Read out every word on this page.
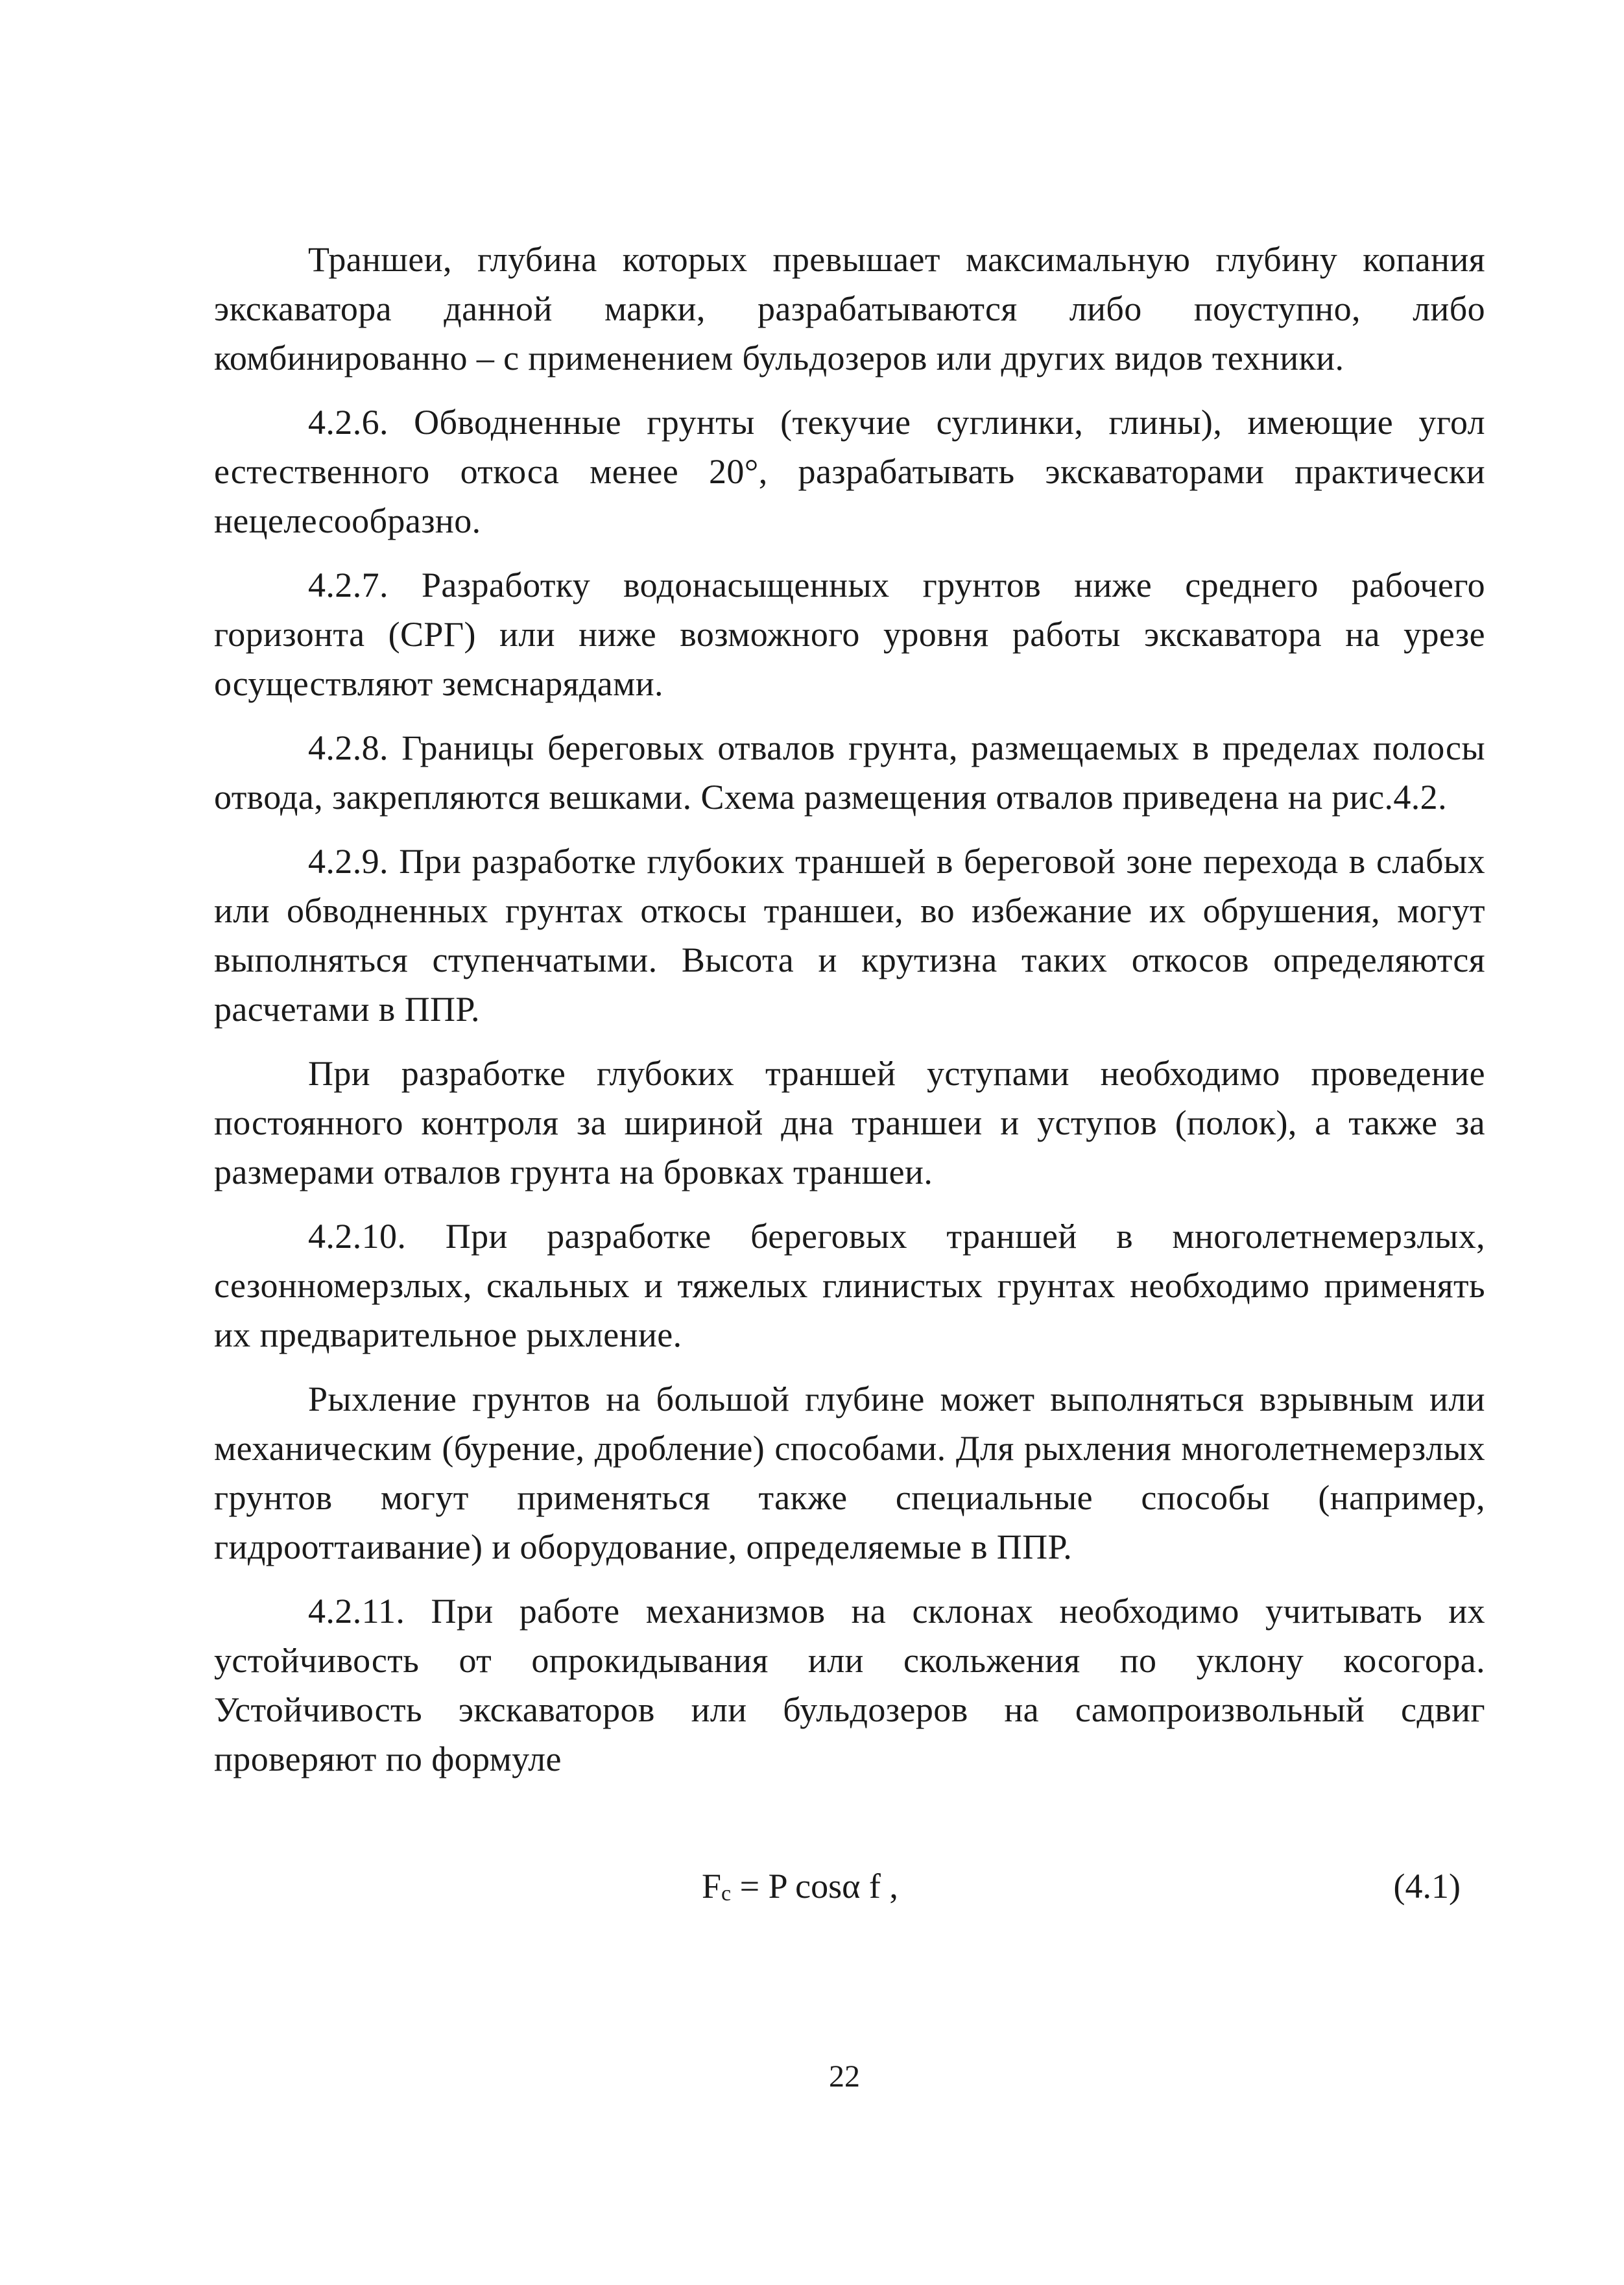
Траншеи, глубина которых превышает максимальную глубину копания экскаватора данной марки, разрабатываются либо поуступно, либо комбинированно – с применением бульдозеров или других видов техники.

4.2.6. Обводненные грунты (текучие суглинки, глины), имеющие угол естественного откоса менее 20°, разрабатывать экскаваторами практически нецелесообразно.

4.2.7. Разработку водонасыщенных грунтов ниже среднего рабочего горизонта (СРГ) или ниже возможного уровня работы экскаватора на урезе осуществляют земснарядами.

4.2.8. Границы береговых отвалов грунта, размещаемых в пределах полосы отвода, закрепляются вешками. Схема размещения отвалов приведена на рис.4.2.

4.2.9. При разработке глубоких траншей в береговой зоне перехода в слабых или обводненных грунтах откосы траншеи, во избежание их обрушения, могут выполняться ступенчатыми. Высота и крутизна таких откосов определяются расчетами в ППР.

При разработке глубоких траншей уступами необходимо проведение постоянного контроля за шириной дна траншеи и уступов (полок), а также за размерами отвалов грунта на бровках траншеи.

4.2.10. При разработке береговых траншей в многолетнемерзлых, сезонномерзлых, скальных и тяжелых глинистых грунтах необходимо применять их предварительное рыхление.

Рыхление грунтов на большой глубине может выполняться взрывным или механическим (бурение, дробление) способами. Для рыхления многолетнемерзлых грунтов могут применяться также специальные способы (например, гидрооттаивание) и оборудование, определяемые в ППР.

4.2.11. При работе механизмов на склонах необходимо учитывать их устойчивость от опрокидывания или скольжения по уклону косогора. Устойчивость экскаваторов или бульдозеров на самопроизвольный сдвиг проверяют по формуле

$F_c = P$ cosα f ,	(4.1)
22
